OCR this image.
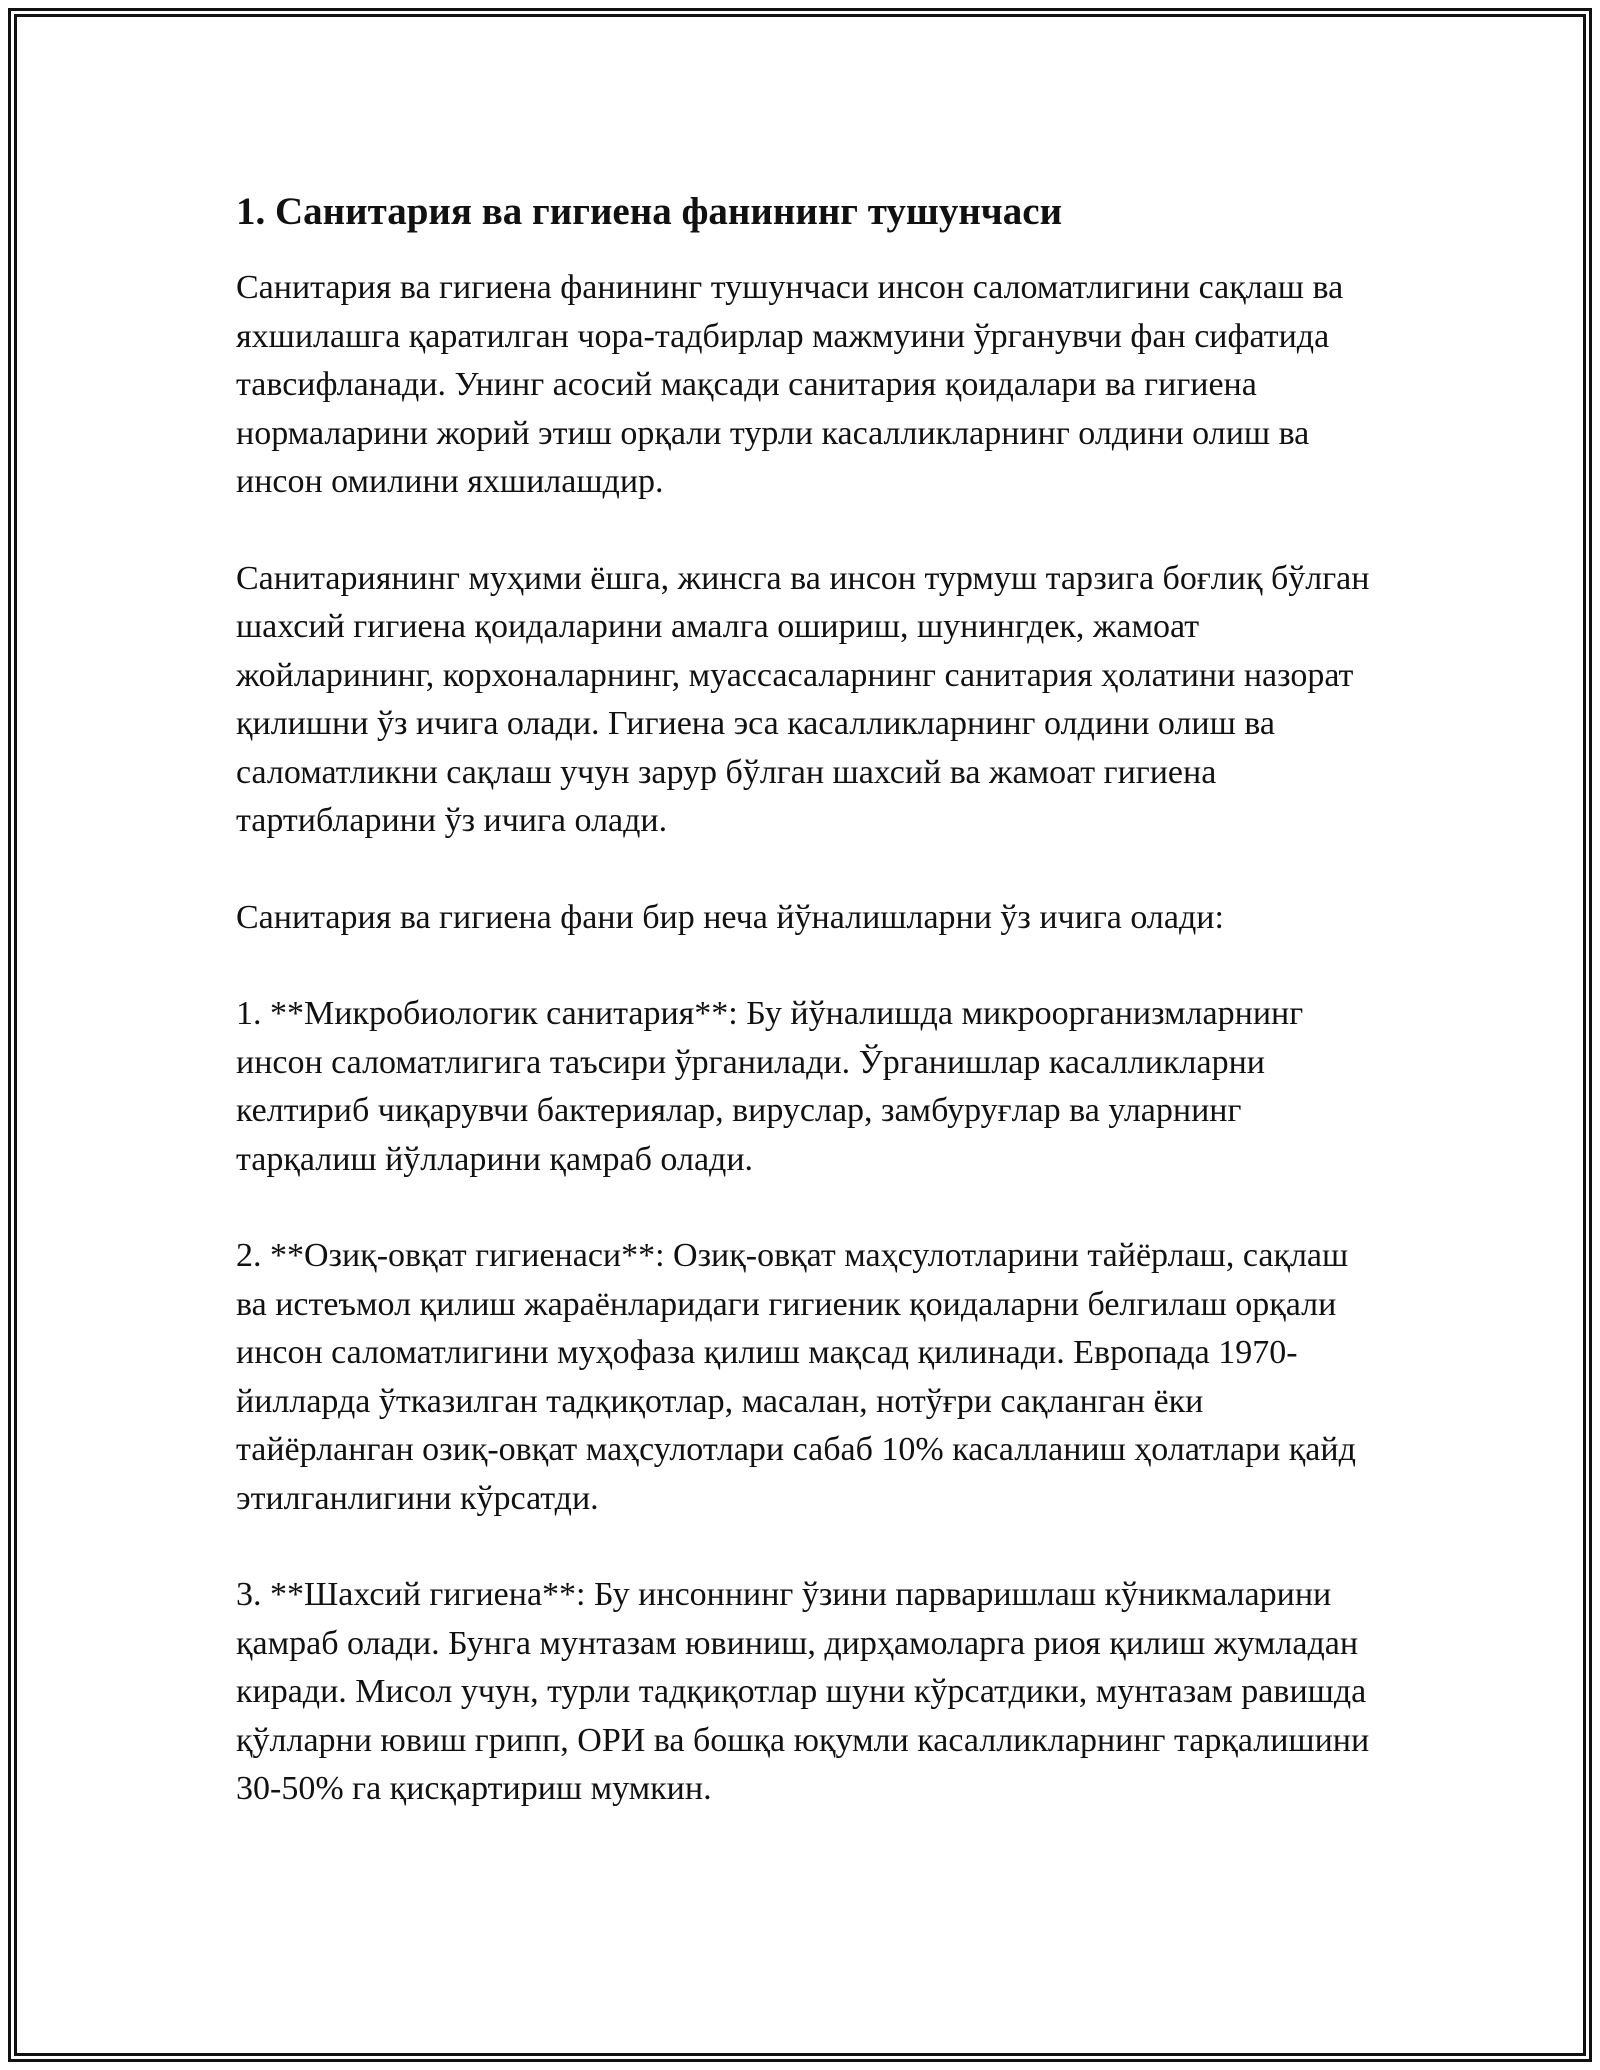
1. Санитария ва гигиена фанининг тушунчаси

Санитария ва гигиена фанининг тушунчаси инсон саломатлигини сақлаш ва яхшилашга қаратилган чора-тадбирлар мажмуини ўрганувчи фан сифатида тавсифланади. Унинг асосий мақсади санитария қоидалари ва гигиена нормаларини жорий этиш орқали турли касалликларнинг олдини олиш ва инсон омилини яхшилашдир.

Санитариянинг муҳими ёшга, жинсга ва инсон турмуш тарзига боғлиқ бўлган шахсий гигиена қоидаларини амалга ошириш, шунингдек, жамоат жойларининг, корхоналарнинг, муассасаларнинг санитария ҳолатини назорат қилишни ўз ичига олади. Гигиена эса касалликларнинг олдини олиш ва саломатликни сақлаш учун зарур бўлган шахсий ва жамоат гигиена тартибларини ўз ичига олади.

Санитария ва гигиена фани бир неча йўналишларни ўз ичига олади:

1. **Микробиологик санитария**: Бу йўналишда микроорганизмларнинг инсон саломатлигига таъсири ўрганилади. Ўрганишлар касалликларни келтириб чиқарувчи бактериялар, вируслар, замбуруғлар ва уларнинг тарқалиш йўлларини қамраб олади.

2. **Озиқ-овқат гигиенаси**: Озиқ-овқат маҳсулотларини тайёрлаш, сақлаш ва истеъмол қилиш жараёнларидаги гигиеник қоидаларни белгилаш орқали инсон саломатлигини муҳофаза қилиш мақсад қилинади. Европада 1970-йилларда ўтказилган тадқиқотлар, масалан, нотўғри сақланган ёки тайёрланган озиқ-овқат маҳсулотлари сабаб 10% касалланиш ҳолатлари қайд этилганлигини кўрсатди.

3. **Шахсий гигиена**: Бу инсоннинг ўзини парваришлаш кўникмаларини қамраб олади. Бунга мунтазам ювиниш, дирҳамоларга риоя қилиш жумладан киради. Мисол учун, турли тадқиқотлар шуни кўрсатдики, мунтазам равишда қўлларни ювиш грипп, ОРИ ва бошқа юқумли касалликларнинг тарқалишини 30-50% га қисқартириш мумкин.
